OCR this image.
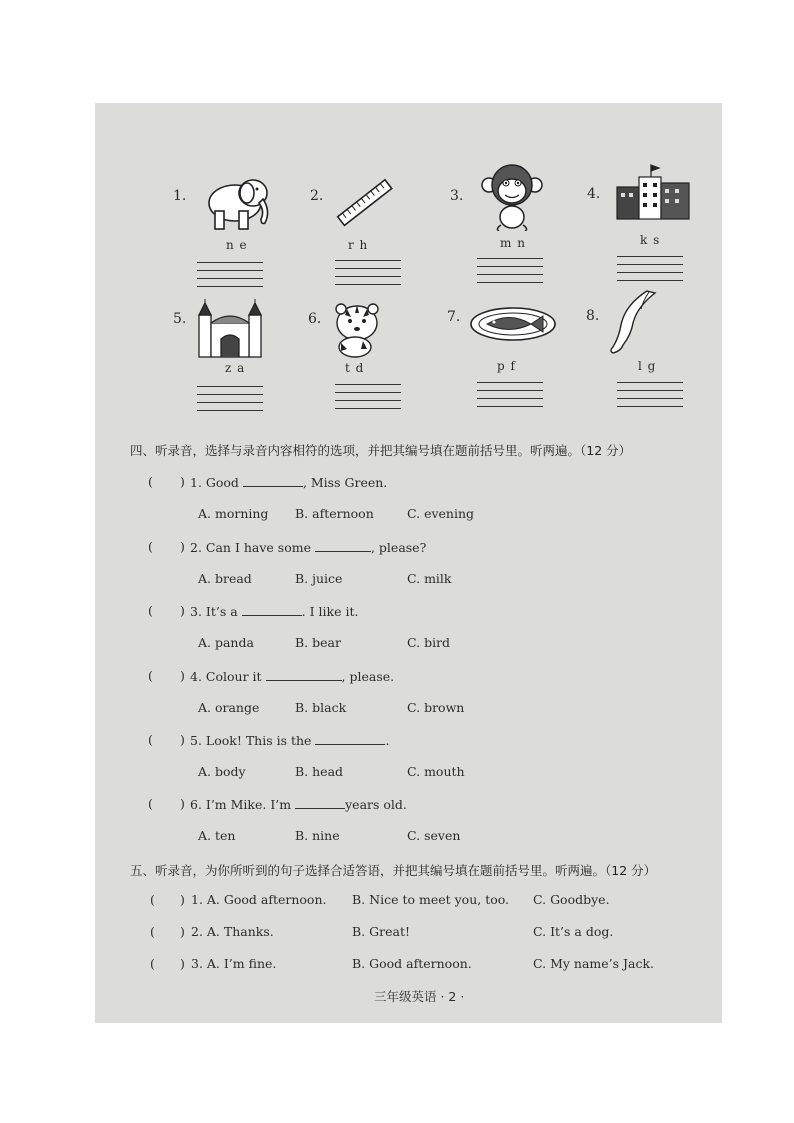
1.
n e
2.
r h
3.
m n
4.
k s
5.
z a
6.
t d
7.
p f
8.
l g
四、听录音，选择与录音内容相符的选项，并把其编号填在题前括号里。听两遍。（12 分）
( ) 1. Good	, Miss Green.
A. morning B. afternoon	C. evening
( ) 2. Can I have some	, please?
A. bread	B. juice	C. milk
( ) 3. It’s a	. I like it.
A. panda	B. bear	C. bird
( ) 4. Colour it	, please.
A. orange	B. black	C. brown
( ) 5. Look! This is the	.
A. body	B. head	C. mouth
( ) 6. I’m Mike. I’m	years old.
A. ten	B. nine	C. seven
五、听录音，为你所听到的句子选择合适答语，并把其编号填在题前括号里。听两遍。（12 分）
( ) 1. A. Good afternoon. B. Nice to meet you, too. C. Goodbye.
( ) 2. A. Thanks.	B. Great!	C. It’s a dog.
( ) 3. A. I’m fine.	B. Good afternoon.	C. My name’s Jack.
三年级英语 · 2 ·
